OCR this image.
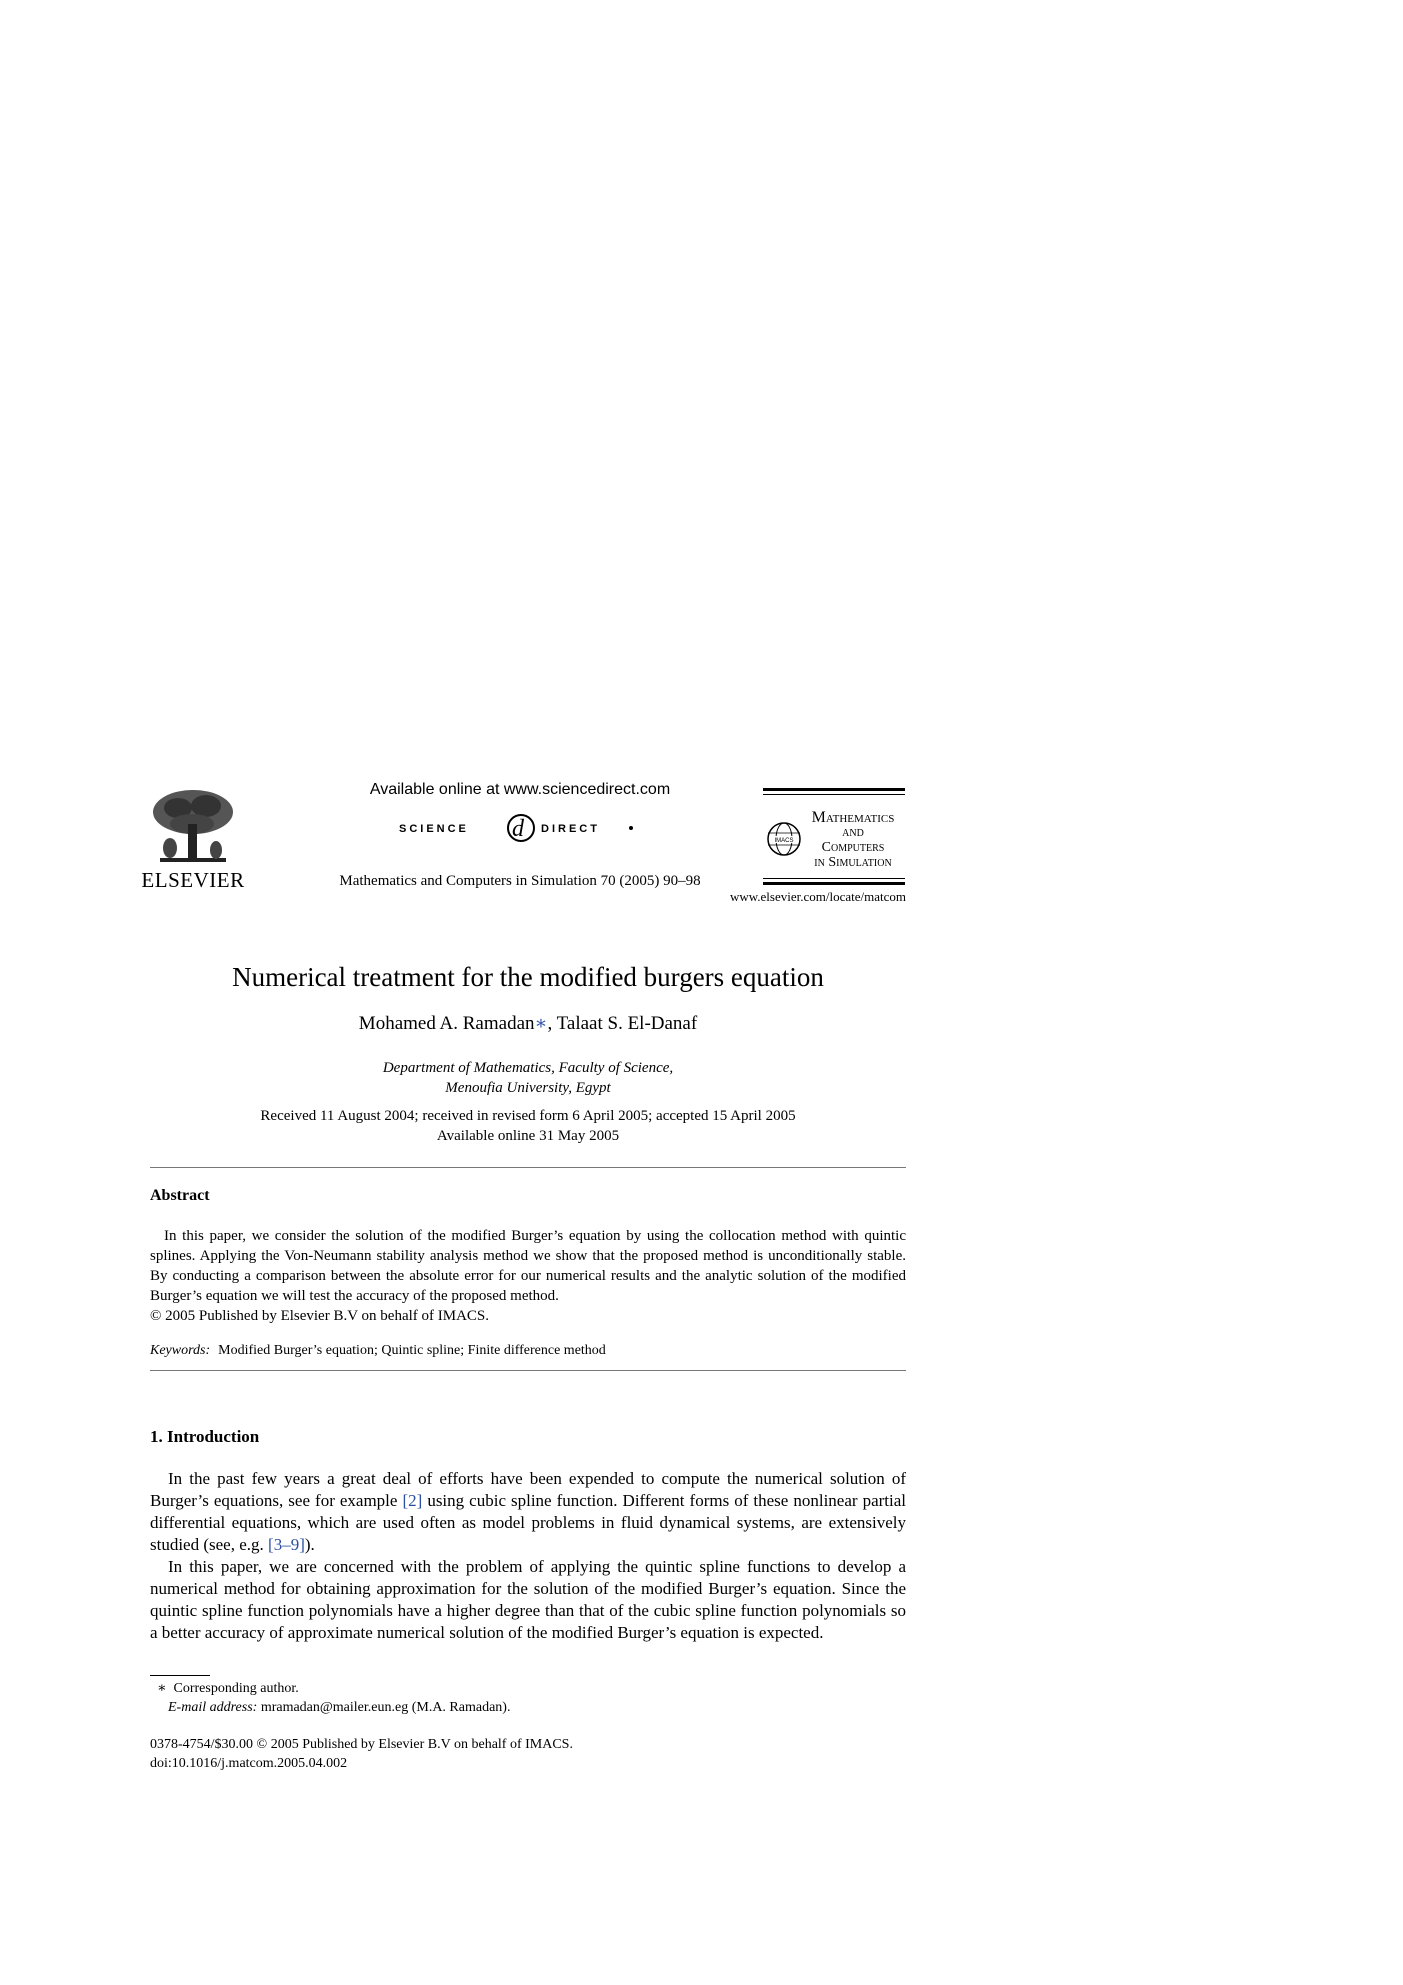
ELSEVIER
Available online at www.sciencedirect.com
SCIENCE d DIRECT
Mathematics and Computers in Simulation 70 (2005) 90–98
IMACS
Mathematics
and
Computers
in Simulation
www.elsevier.com/locate/matcom
Numerical treatment for the modified burgers equation
Mohamed A. Ramadan∗, Talaat S. El-Danaf
Department of Mathematics, Faculty of Science,
Menoufia University, Egypt
Received 11 August 2004; received in revised form 6 April 2005; accepted 15 April 2005
Available online 31 May 2005
Abstract

In this paper, we consider the solution of the modified Burger’s equation by using the collocation method with quintic splines. Applying the Von-Neumann stability analysis method we show that the proposed method is unconditionally stable. By conducting a comparison between the absolute error for our numerical results and the analytic solution of the modified Burger’s equation we will test the accuracy of the proposed method.

© 2005 Published by Elsevier B.V on behalf of IMACS.
Keywords: Modified Burger’s equation; Quintic spline; Finite difference method
1. Introduction

In the past few years a great deal of efforts have been expended to compute the numerical solution of Burger’s equations, see for example [2] using cubic spline function. Different forms of these nonlinear partial differential equations, which are used often as model problems in fluid dynamical systems, are extensively studied (see, e.g. [3–9]).

In this paper, we are concerned with the problem of applying the quintic spline functions to develop a numerical method for obtaining approximation for the solution of the modified Burger’s equation. Since the quintic spline function polynomials have a higher degree than that of the cubic spline function polynomials so a better accuracy of approximate numerical solution of the modified Burger’s equation is expected.

∗ Corresponding author.
E-mail address: mramadan@mailer.eun.eg (M.A. Ramadan).
0378-4754/$30.00 © 2005 Published by Elsevier B.V on behalf of IMACS.
doi:10.1016/j.matcom.2005.04.002
